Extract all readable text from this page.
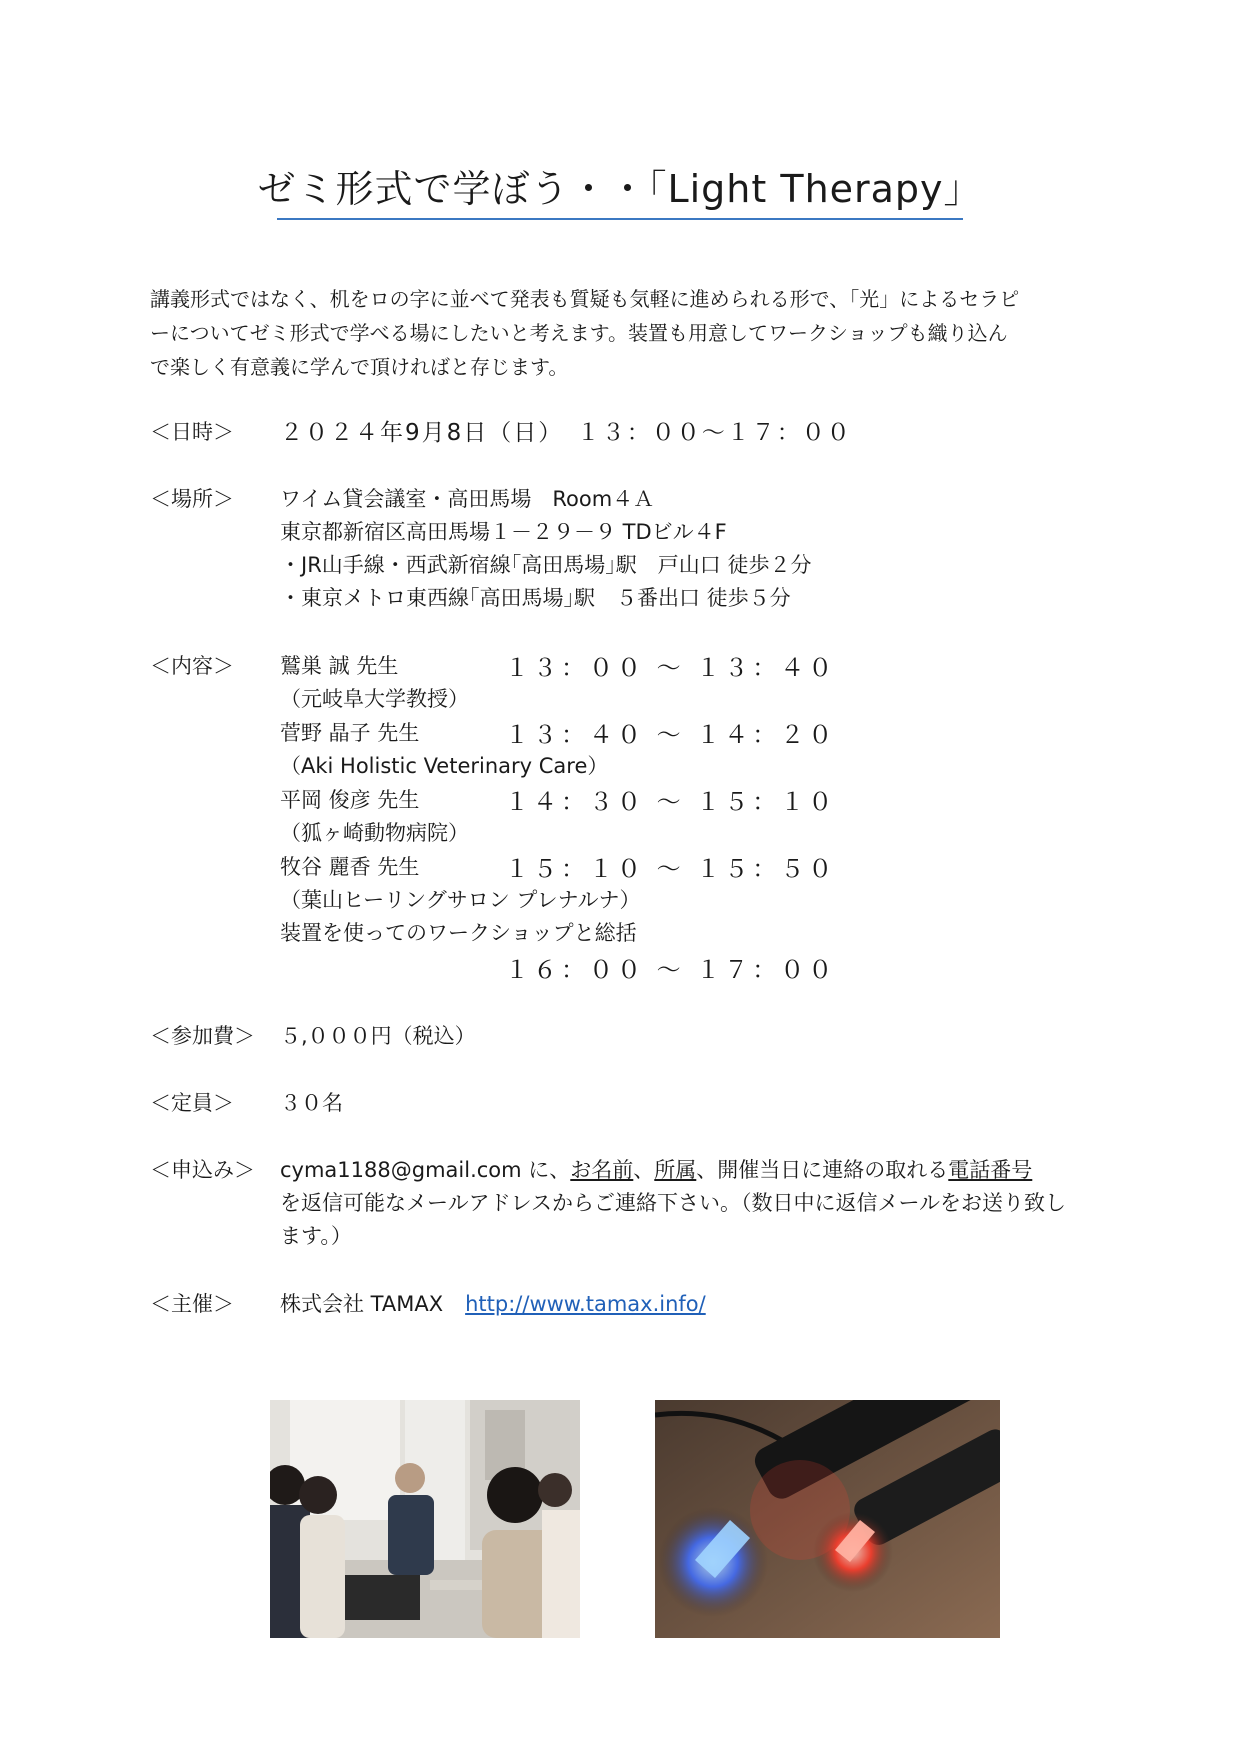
ゼミ形式で学ぼう・・「Light Therapy」
講義形式ではなく、机をロの字に並べて発表も質疑も気軽に進められる形で、「光」によるセラピ
ーについてゼミ形式で学べる場にしたいと考えます。装置も用意してワークショップも織り込ん
で楽しく有意義に学んで頂ければと存じます。
＜日時＞ ２０２４年9月8日（日）　１３：００～１７：００
＜場所＞ ワイム貸会議室・高田馬場　Room４Ａ
東京都新宿区高田馬場１－２９－９ TDビル４F
・JR山手線・西武新宿線｢高田馬場｣駅　戸山口 徒歩２分
・東京メトロ東西線｢高田馬場｣駅　５番出口 徒歩５分
＜内容＞ 鷲巣 誠 先生	１３：００ ～ １３：４０
（元岐阜大学教授）
菅野 晶子 先生	１３：４０ ～ １４：２０
（Aki Holistic Veterinary Care）
平岡 俊彦 先生	１４：３０ ～ １５：１０
（狐ヶ崎動物病院）
牧谷 麗香 先生	１５：１０ ～ １５：５０
（葉山ヒーリングサロン プレナルナ）
装置を使ってのワークショップと総括
１６：００ ～ １７：００
＜参加費＞ ５,０００円（税込）
＜定員＞ ３０名
＜申込み＞ cyma1188@gmail.com に、お名前、所属、開催当日に連絡の取れる電話番号
を返信可能なメールアドレスからご連絡下さい。（数日中に返信メールをお送り致し
ます。）
＜主催＞ 株式会社 TAMAX http://www.tamax.info/
